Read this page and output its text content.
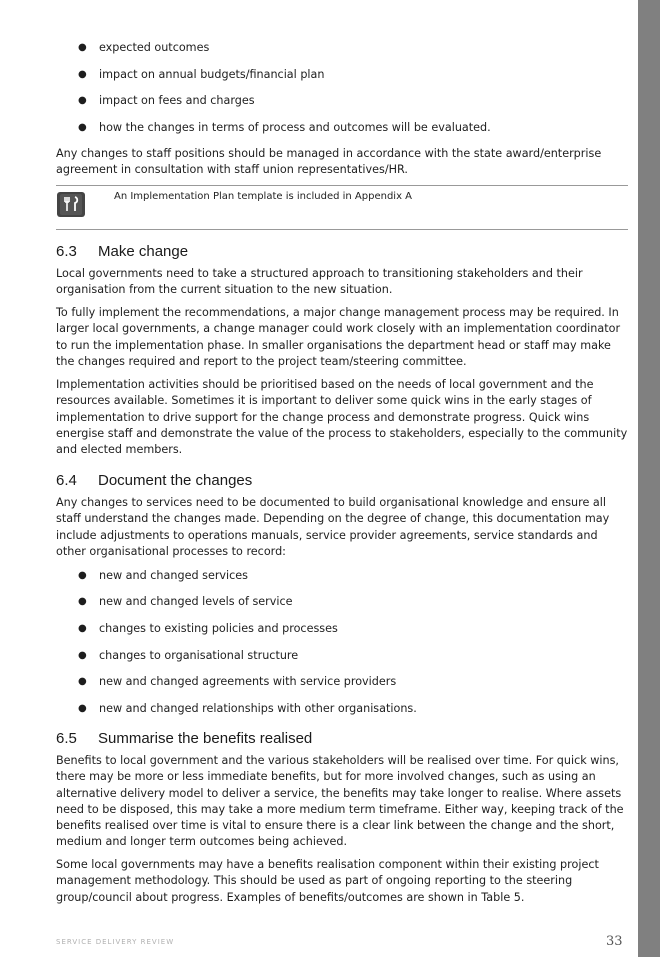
● expected outcomes
● impact on annual budgets/financial plan
● impact on fees and charges
● how the changes in terms of process and outcomes will be evaluated.

Any changes to staff positions should be managed in accordance with the state award/enterprise agreement in consultation with staff union representatives/HR.

An Implementation Plan template is included in Appendix A
6.3 Make change

Local governments need to take a structured approach to transitioning stakeholders and their organisation from the current situation to the new situation.

To fully implement the recommendations, a major change management process may be required. In larger local governments, a change manager could work closely with an implementation coordinator to run the implementation phase. In smaller organisations the department head or staff may make the changes required and report to the project team/steering committee.

Implementation activities should be prioritised based on the needs of local government and the resources available. Sometimes it is important to deliver some quick wins in the early stages of implementation to drive support for the change process and demonstrate progress. Quick wins energise staff and demonstrate the value of the process to stakeholders, especially to the community and elected members.

6.4 Document the changes

Any changes to services need to be documented to build organisational knowledge and ensure all staff understand the changes made. Depending on the degree of change, this documentation may include adjustments to operations manuals, service provider agreements, service standards and other organisational processes to record:

● new and changed services
● new and changed levels of service
● changes to existing policies and processes
● changes to organisational structure
● new and changed agreements with service providers
● new and changed relationships with other organisations.
6.5 Summarise the benefits realised

Benefits to local government and the various stakeholders will be realised over time. For quick wins, there may be more or less immediate benefits, but for more involved changes, such as using an alternative delivery model to deliver a service, the benefits may take longer to realise. Where assets need to be disposed, this may take a more medium term timeframe. Either way, keeping track of the benefits realised over time is vital to ensure there is a clear link between the change and the short, medium and longer term outcomes being achieved.

Some local governments may have a benefits realisation component within their existing project management methodology. This should be used as part of ongoing reporting to the steering group/council about progress. Examples of benefits/outcomes are shown in Table 5.

SERVICE DELIVERY REVIEW	33
